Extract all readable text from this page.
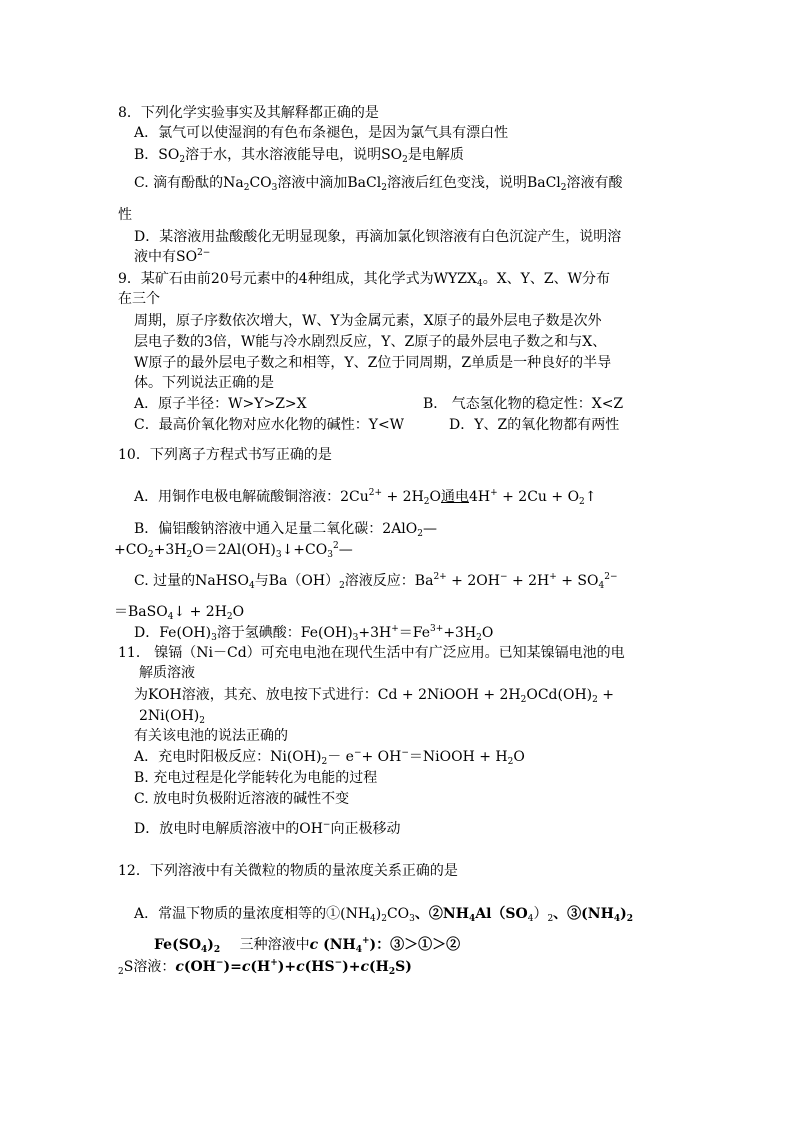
8．下列化学实验事实及其解释都正确的是
A．氯气可以使湿润的有色布条褪色，是因为氯气具有漂白性
B．$SO_2$溶于水，其水溶液能导电，说明$SO_2$是电解质
C. 滴有酚酞的$Na_2CO_3$溶液中滴加BaCl$_2$溶液后红色变浅，说明BaCl$_2$溶液有酸
性
D．某溶液用盐酸酸化无明显现象，再滴加氯化钡溶液有白色沉淀产生，说明溶
液中有$SO^{2-}$
9．某矿石由前20号元素中的4种组成，其化学式为$WYZX_4$。X、Y、Z、W分布
在三个
周期，原子序数依次增大，W、Y为金属元素，X原子的最外层电子数是次外
层电子数的3倍，W能与冷水剧烈反应，Y、Z原子的最外层电子数之和与X、
W原子的最外层电子数之和相等，Y、Z位于同周期，Z单质是一种良好的半导
体。下列说法正确的是
A．原子半径：W>Y>Z>X	B． 气态氢化物的稳定性：X<Z
C．最高价氧化物对应水化物的碱性：Y<W	D．Y、Z的氧化物都有两性
10．下列离子方程式书写正确的是
A．用铜作电极电解硫酸铜溶液：$2Cu^{2+} + 2H_2O$通电$4H^+ + 2Cu + O_2↑$
B．偏铝酸钠溶液中通入足量二氧化碳：2AlO$_2$—
$+CO_2+3H_2O=2Al(OH)_3↓+CO_3^2—$
C. 过量的NaHSO$_4$与$Ba(OH)_2$溶液反应：$Ba^{2+} + 2OH^- + 2H^+ + SO_4^{2-}$
＝BaSO$_4$↓ + $2H_2O$
D．$Fe(OH)_3$溶于氢碘酸：$Fe(OH)_3+3H^+=Fe^{3+}+3H_2O$
11． 镍镉（Ni－Cd）可充电电池在现代生活中有广泛应用。已知某镍镉电池的电
解质溶液
为KOH溶液，其充、放电按下式进行：Cd + 2NiOOH + $2H_2OCd(OH)_2$ +
$2Ni(OH)_2$
有关该电池的说法正确的
A．充电时阳极反应：$Ni(OH)_2- e^-+$ OH−＝NiOOH + $H_2O$
B. 充电过程是化学能转化为电能的过程
C. 放电时负极附近溶液的碱性不变
D．放电时电解质溶液中的OH−向正极移动
12．下列溶液中有关微粒的物质的量浓度关系正确的是
A．常温下物质的量浓度相等的$①(NH_4)_2CO_3$、$②NH_4Al(SO_4)_2$、$③(NH_4)_2$
$Fe(SO_4)_2$ 三种溶液中c $(NH_4^+)$：③＞①＞②
$_2$S溶液：$c(OH^-)=c(H^+)+c(HS^-)+c(H_2S)$
